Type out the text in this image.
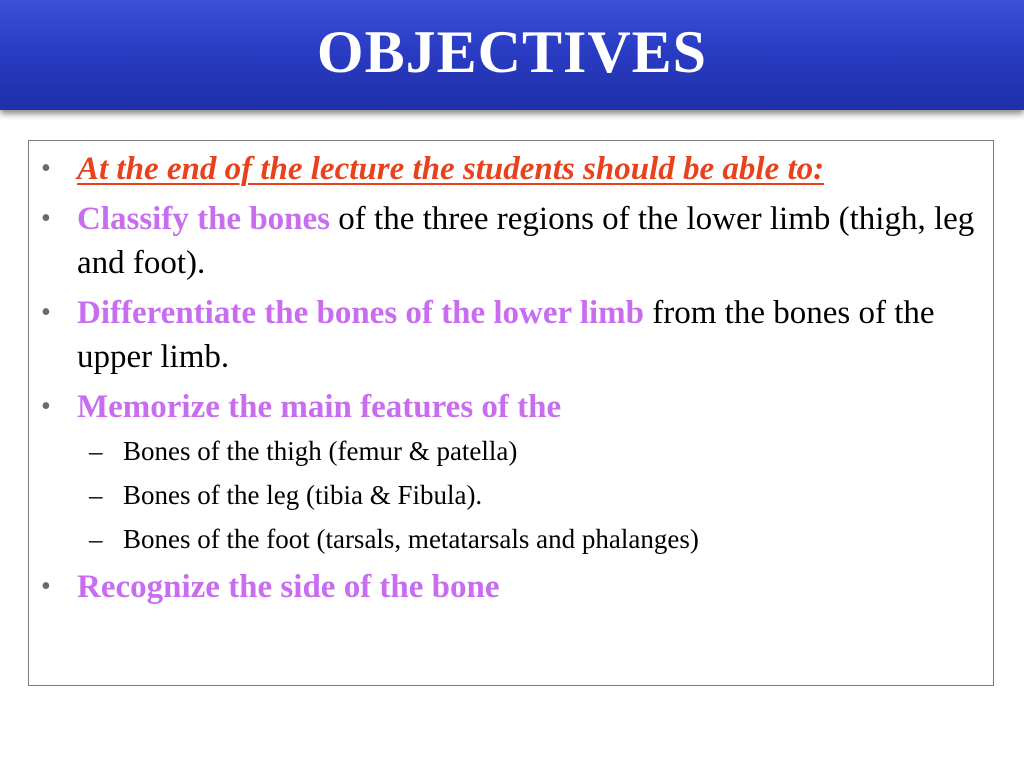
OBJECTIVES
• At the end of the lecture the students should be able to:
• Classify the bones of the three regions of the lower limb (thigh, leg and foot).
• Differentiate the bones of the lower limb from the bones of the upper limb.
• Memorize the main features of the
– Bones of the thigh (femur & patella)
– Bones of the leg (tibia & Fibula).
– Bones of the foot (tarsals, metatarsals and phalanges)
• Recognize the side of the bone
